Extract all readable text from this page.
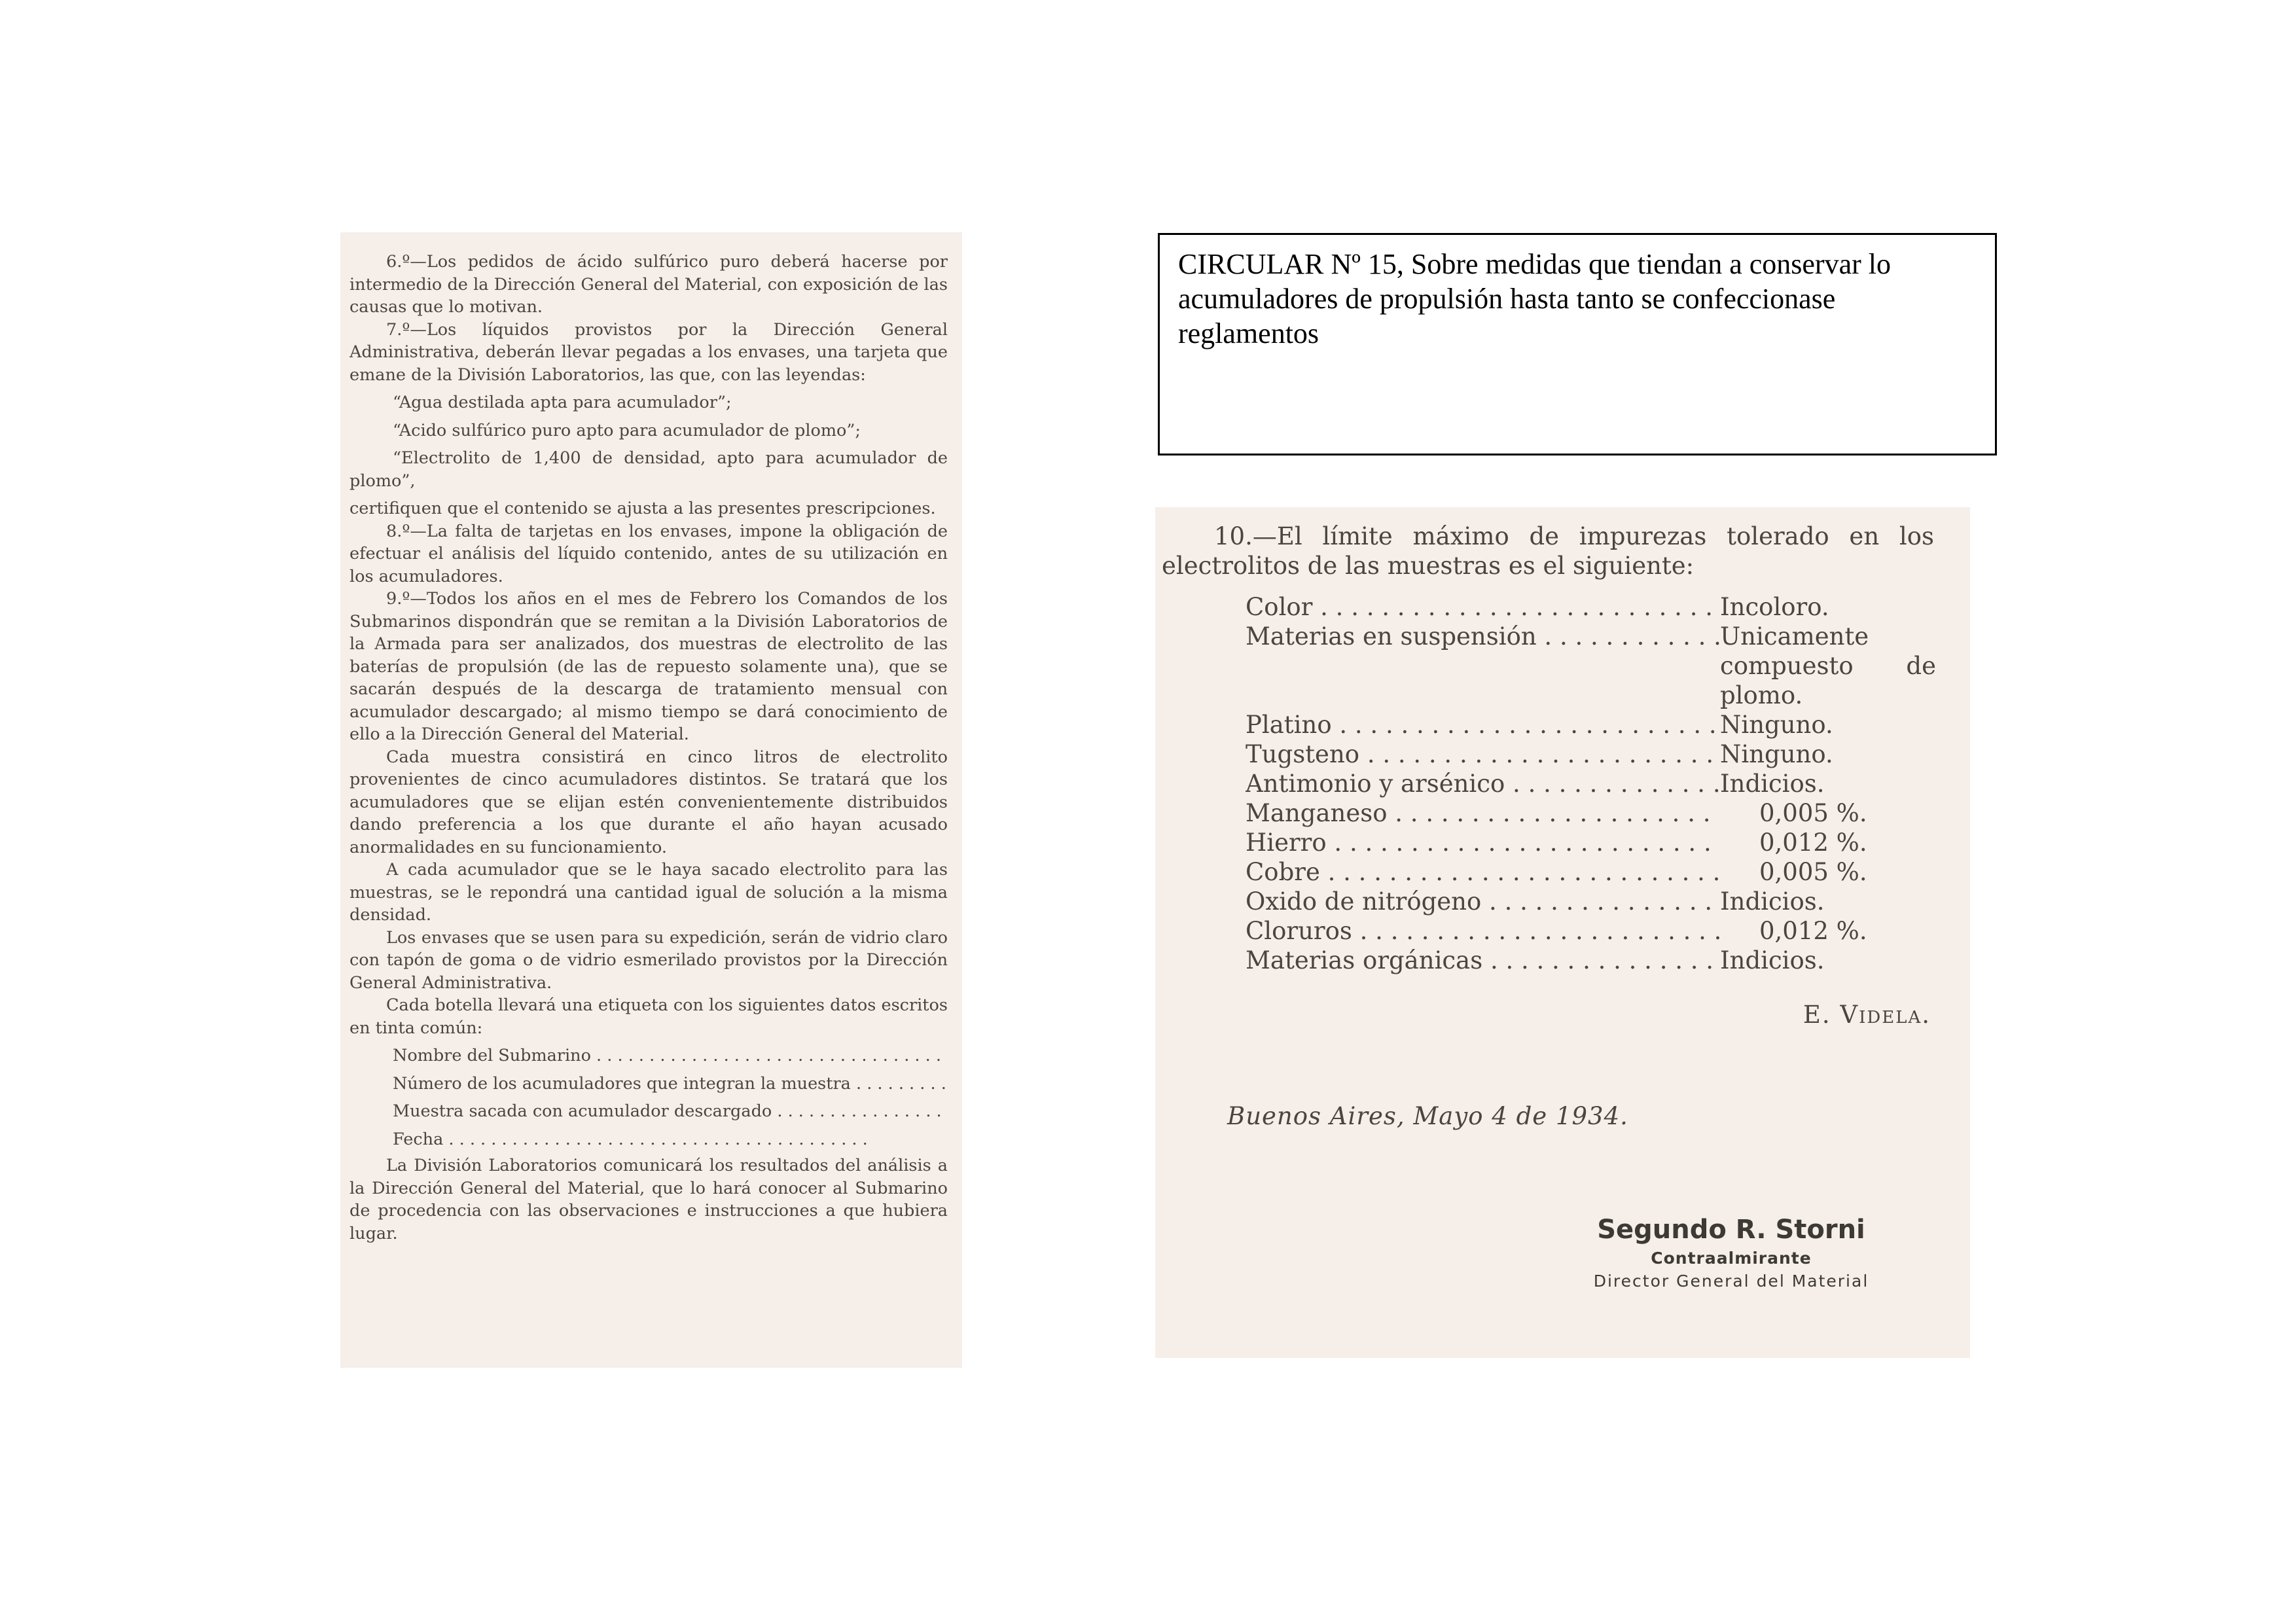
6.º—Los pedidos de ácido sulfúrico puro deberá hacerse por intermedio de la Dirección General del Material, con exposición de las causas que lo motivan.

7.º—Los líquidos provistos por la Dirección General Administrativa, deberán llevar pegadas a los envases, una tarjeta que emane de la División Laboratorios, las que, con las leyendas:

“Agua destilada apta para acumulador”;

“Acido sulfúrico puro apto para acumulador de plomo”;

“Electrolito de 1,400 de densidad, apto para acumulador de plomo”,

certifiquen que el contenido se ajusta a las presentes prescripciones.

8.º—La falta de tarjetas en los envases, impone la obligación de efectuar el análisis del líquido contenido, antes de su utilización en los acumuladores.

9.º—Todos los años en el mes de Febrero los Comandos de los Submarinos dispondrán que se remitan a la División Laboratorios de la Armada para ser analizados, dos muestras de electrolito de las baterías de propulsión (de las de repuesto solamente una), que se sacarán después de la descarga de tratamiento mensual con acumulador descargado; al mismo tiempo se dará conocimiento de ello a la Dirección General del Material.

Cada muestra consistirá en cinco litros de electrolito provenientes de cinco acumuladores distintos. Se tratará que los acumuladores que se elijan estén convenientemente distribuidos dando preferencia a los que durante el año hayan acusado anormalidades en su funcionamiento.

A cada acumulador que se le haya sacado electrolito para las muestras, se le repondrá una cantidad igual de solución a la misma densidad.

Los envases que se usen para su expedición, serán de vidrio claro con tapón de goma o de vidrio esmerilado provistos por la Dirección General Administrativa.

Cada botella llevará una etiqueta con los siguientes datos escritos en tinta común:

Nombre del Submarino . . .
Número de los acumuladores que integran la muestra . . .
Muestra sacada con acumulador descargado . . .
Fecha . . .

La División Laboratorios comunicará los resultados del análisis a la Dirección General del Material, que lo hará conocer al Submarino de procedencia con las observaciones e instrucciones a que hubiera lugar.

CIRCULAR Nº 15, Sobre medidas que tiendan a conservar lo acumuladores de propulsión hasta tanto se confeccionase reglamentos

10.—El límite máximo de impurezas tolerado en los electrolitos de las muestras es el siguiente:

Color . . .	Incoloro.
Materias en suspensión . . .	Unicamente compuesto de plomo.
Platino . . .	Ninguno.
Tugsteno . . .	Ninguno.
Antimonio y arsénico . . .	Indicios.
Manganeso . . .	0,005 %.
Hierro . . .	0,012 %.
Cobre . . .	0,005 %.
Oxido de nitrógeno . . .	Indicios.
Cloruros . . .	0,012 %.
Materias orgánicas . . .	Indicios.
E. Videla.
Buenos Aires, Mayo 4 de 1934.
Segundo R. Storni
Contraalmirante
Director General del Material
